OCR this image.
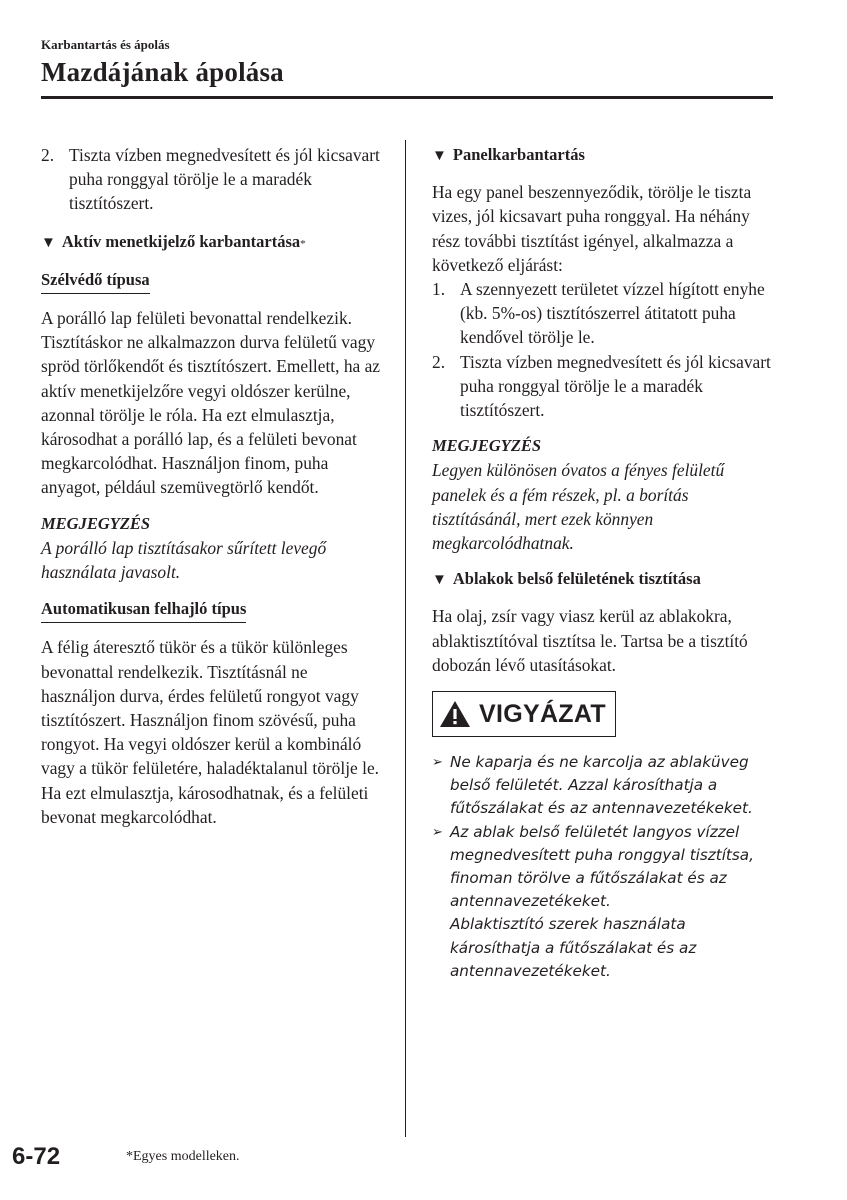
Karbantartás és ápolás
Mazdájának ápolása
2. Tiszta vízben megnedvesített és jól kicsavart puha ronggyal törölje le a maradék tisztítószert.
▼ Aktív menetkijelző karbantartása *
Szélvédő típusa

A porálló lap felületi bevonattal rendelkezik. Tisztításkor ne alkalmazzon durva felületű vagy spröd törlőkendőt és tisztítószert. Emellett, ha az aktív menetkijelzőre vegyi oldószer kerülne, azonnal törölje le róla. Ha ezt elmulasztja, károsodhat a porálló lap, és a felületi bevonat megkarcolódhat. Használjon finom, puha anyagot, például szemüvegtörlő kendőt.

MEGJEGYZÉS

A porálló lap tisztításakor sűrített levegő használata javasolt.

Automatikusan felhajló típus

A félig áteresztő tükör és a tükör különleges bevonattal rendelkezik. Tisztításnál ne használjon durva, érdes felületű rongyot vagy tisztítószert. Használjon finom szövésű, puha rongyot. Ha vegyi oldószer kerül a kombináló vagy a tükör felületére, haladéktalanul törölje le. Ha ezt elmulasztja, károsodhatnak, és a felületi bevonat megkarcolódhat.

▼ Panelkarbantartás

Ha egy panel beszennyeződik, törölje le tiszta vizes, jól kicsavart puha ronggyal. Ha néhány rész további tisztítást igényel, alkalmazza a következő eljárást:

1. A szennyezett területet vízzel hígított enyhe (kb. 5%-os) tisztítószerrel átitatott puha kendővel törölje le.
2. Tiszta vízben megnedvesített és jól kicsavart puha ronggyal törölje le a maradék tisztítószert.

MEGJEGYZÉS

Legyen különösen óvatos a fényes felületű panelek és a fém részek, pl. a borítás tisztításánál, mert ezek könnyen megkarcolódhatnak.

▼ Ablakok belső felületének tisztítása

Ha olaj, zsír vagy viasz kerül az ablakokra, ablaktisztítóval tisztítsa le. Tartsa be a tisztító dobozán lévő utasításokat.

VIGYÁZAT
➢ Ne kaparja és ne karcolja az ablaküveg belső felületét. Azzal károsíthatja a fűtőszálakat és az antennavezetékeket.
➢ Az ablak belső felületét langyos vízzel megnedvesített puha ronggyal tisztítsa, finoman törölve a fűtőszálakat és az antennavezetékeket.
Ablaktisztító szerek használata károsíthatja a fűtőszálakat és az antennavezetékeket.
6-72	*Egyes modelleken.
